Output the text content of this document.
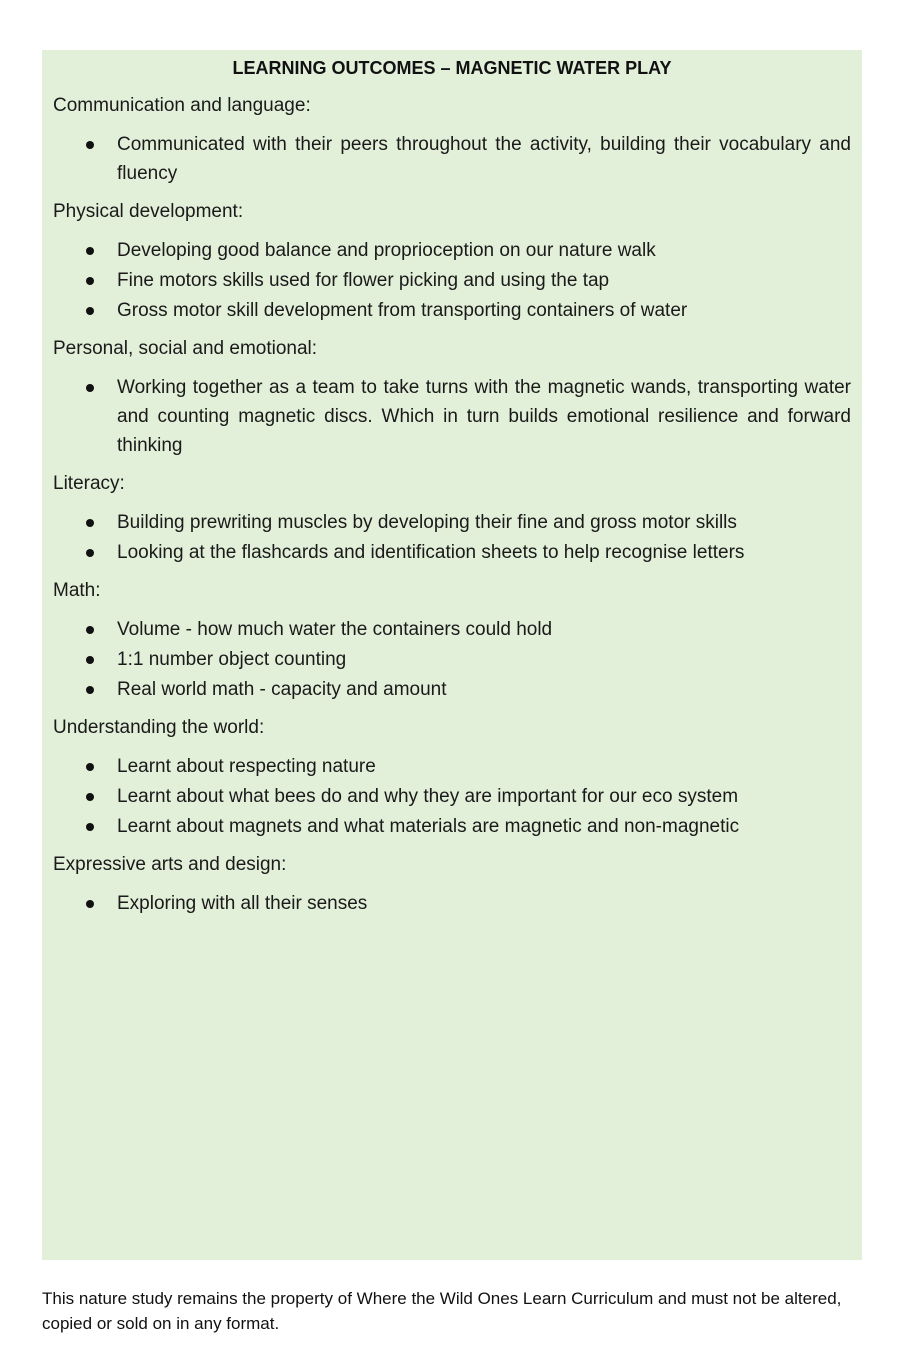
LEARNING OUTCOMES – MAGNETIC WATER PLAY
Communication and language:
Communicated with their peers throughout the activity, building their vocabulary and fluency
Physical development:
Developing good balance and proprioception on our nature walk
Fine motors skills used for flower picking and using the tap
Gross motor skill development from transporting containers of water
Personal, social and emotional:
Working together as a team to take turns with the magnetic wands, transporting water and counting magnetic discs. Which in turn builds emotional resilience and forward thinking
Literacy:
Building prewriting muscles by developing their fine and gross motor skills
Looking at the flashcards and identification sheets to help recognise letters
Math:
Volume - how much water the containers could hold
1:1 number object counting
Real world math - capacity and amount
Understanding the world:
Learnt about respecting nature
Learnt about what bees do and why they are important for our eco system
Learnt about magnets and what materials are magnetic and non-magnetic
Expressive arts and design:
Exploring with all their senses
This nature study remains the property of Where the Wild Ones Learn Curriculum and must not be altered, copied or sold on in any format.
